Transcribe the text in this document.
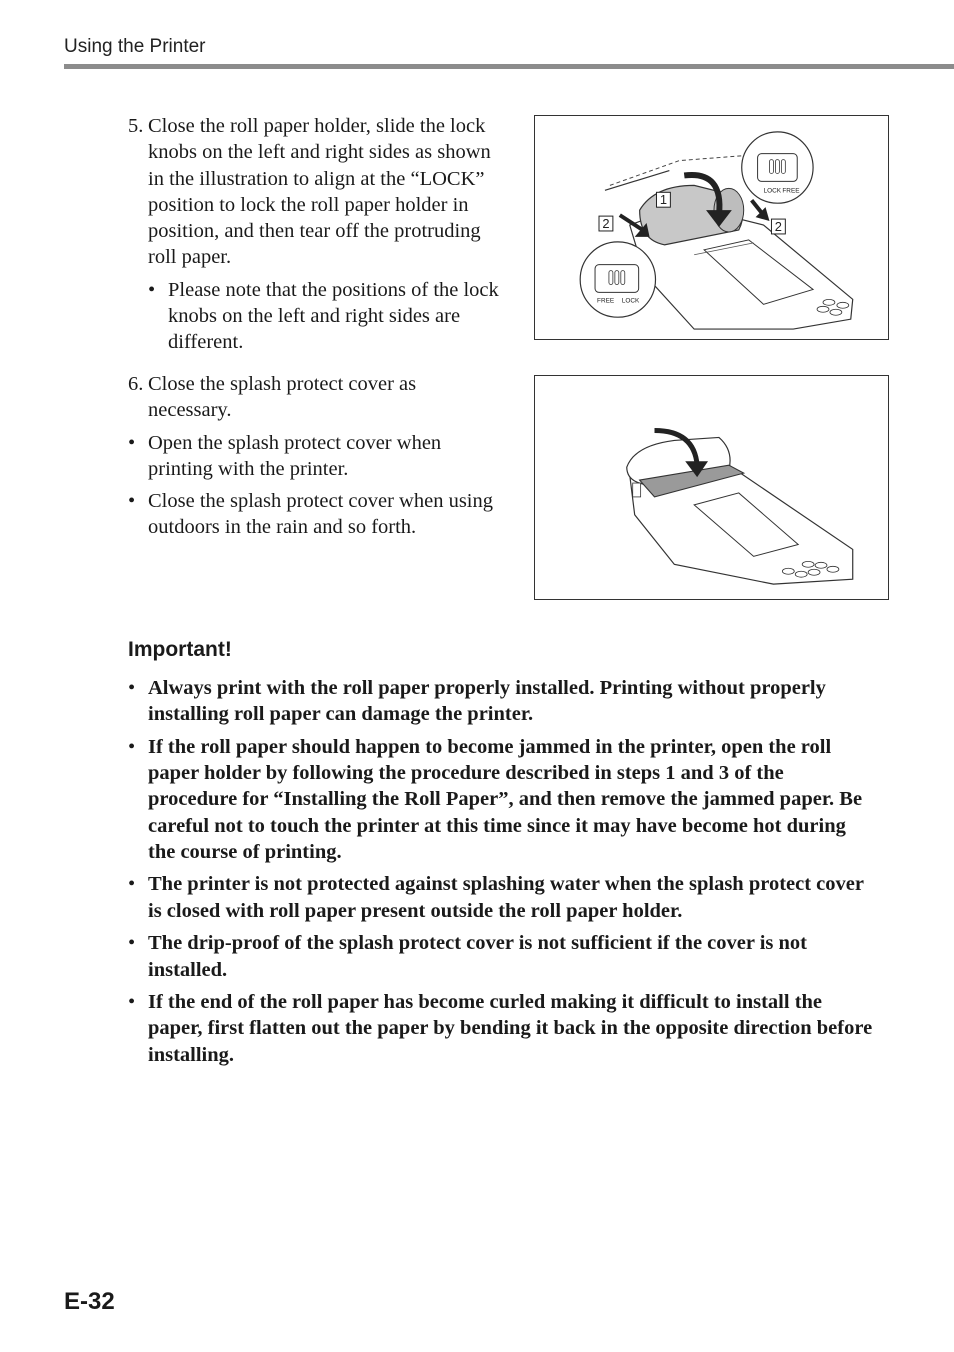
Using the Printer
5. Close the roll paper holder, slide the lock knobs on the left and right sides as shown in the illustration to align at the “LOCK” position to lock the roll paper holder in position, and then tear off the protruding roll paper.
• Please note that the positions of the lock knobs on the left and right sides are different.
1
2	2
LOCK FREE
FREE LOCK
6. Close the splash protect cover as necessary.
• Open the splash protect cover when printing with the printer.
• Close the splash protect cover when using outdoors in the rain and so forth.
Important!
• Always print with the roll paper properly installed. Printing without properly installing roll paper can damage the printer.
• If the roll paper should happen to become jammed in the printer, open the roll paper holder by following the procedure described in steps 1 and 3 of the procedure for “Installing the Roll Paper”, and then remove the jammed paper. Be careful not to touch the printer at this time since it may have become hot during the course of printing.
• The printer is not protected against splashing water when the splash protect cover is closed with roll paper present outside the roll paper holder.
• The drip-proof of the splash protect cover is not sufficient if the cover is not installed.
• If the end of the roll paper has become curled making it difficult to install the paper, first flatten out the paper by bending it back in the opposite direction before installing.
E-32
